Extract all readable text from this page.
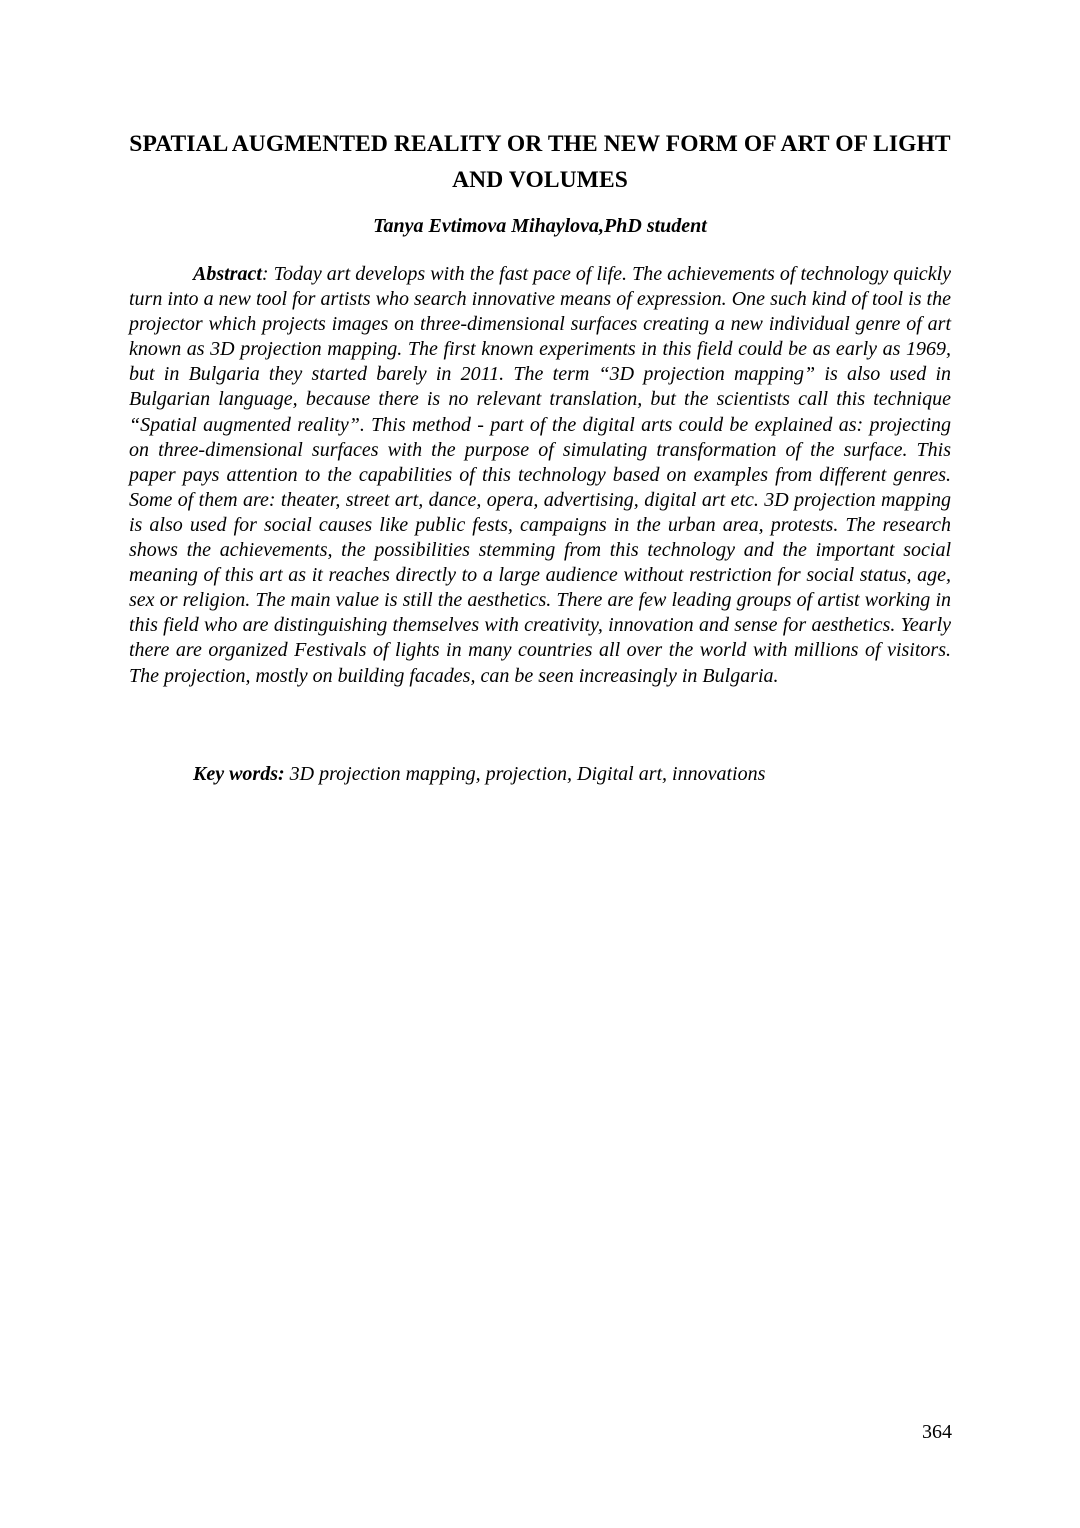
SPATIAL AUGMENTED REALITY OR THE NEW FORM OF ART OF LIGHT AND VOLUMES

Tanya Evtimova Mihaylova,PhD student

Abstract: Today art develops with the fast pace of life. The achievements of technology quickly turn into a new tool for artists who search innovative means of expression. One such kind of tool is the projector which projects images on three-dimensional surfaces creating a new individual genre of art known as 3D projection mapping. The first known experiments in this field could be as early as 1969, but in Bulgaria they started barely in 2011. The term “3D projection mapping” is also used in Bulgarian language, because there is no relevant translation, but the scientists call this technique “Spatial augmented reality”. This method - part of the digital arts could be explained as: projecting on three-dimensional surfaces with the purpose of simulating transformation of the surface. This paper pays attention to the capabilities of this technology based on examples from different genres. Some of them are: theater, street art, dance, opera, advertising, digital art etc. 3D projection mapping is also used for social causes like public fests, campaigns in the urban area, protests. The research shows the achievements, the possibilities stemming from this technology and the important social meaning of this art as it reaches directly to a large audience without restriction for social status, age, sex or religion. The main value is still the aesthetics. There are few leading groups of artist working in this field who are distinguishing themselves with creativity, innovation and sense for aesthetics. Yearly there are organized Festivals of lights in many countries all over the world with millions of visitors. The projection, mostly on building facades, can be seen increasingly in Bulgaria.

Key words: 3D projection mapping, projection, Digital art, innovations

364
